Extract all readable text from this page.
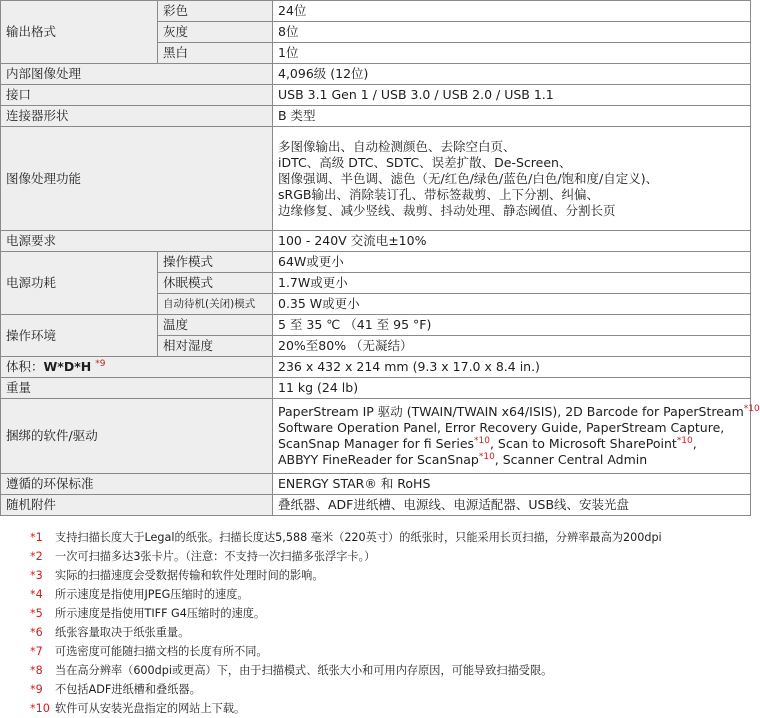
输出格式	彩色	24位
	灰度	8位
	黑白	1位
内部图像处理		4,096级 (12位)
接口		USB 3.1 Gen 1 / USB 3.0 / USB 2.0 / USB 1.1
连接器形状		B 类型
图像处理功能		多图像输出、自动检测颜色、去除空白页、
iDTC、高级 DTC、SDTC、误差扩散、De-Screen、
图像强调、半色调、滤色（无/红色/绿色/蓝色/白色/饱和度/自定义)、
sRGB输出、消除装订孔、带标签裁剪、上下分割、纠偏、
边缘修复、减少竖线、裁剪、抖动处理、静态阈值、分割长页

电源要求		100 - 240V 交流电±10%
电源功耗	操作模式	64W或更小
	休眠模式	1.7W或更小
	自动待机(关闭)模式	0.35 W或更小
操作环境	温度	5 至 35 ℃ （41 至 95 °F)
	相对湿度	20%至80% （无凝结）
体积：W*D*H $^{*9}$		236 x 432 x 214 mm (9.3 x 17.0 x 8.4 in.)
重量		11 kg (24 lb)
捆绑的软件/驱动		PaperStream IP 驱动 (TWAIN/TWAIN x64/ISIS), 2D Barcode for PaperStream$^{*10}$
Software Operation Panel, Error Recovery Guide, PaperStream Capture,
ScanSnap Manager for fi Series$^{*10}$, Scan to Microsoft SharePoint$^{*10}$,
ABBYY FineReader for ScanSnap$^{*10}$, Scanner Central Admin

遵循的环保标准		ENERGY STAR® 和 RoHS
随机附件		叠纸器、ADF进纸槽、电源线、电源适配器、USB线、安装光盘
*1	支持扫描长度大于Legal的纸张。扫描长度达5,588 毫米（220英寸）的纸张时，只能采用长页扫描，分辨率最高为200dpi
*2	一次可扫描多达3张卡片。（注意：不支持一次扫描多张浮字卡。）
*3	实际的扫描速度会受数据传输和软件处理时间的影响。
*4	所示速度是指使用JPEG压缩时的速度。
*5	所示速度是指使用TIFF G4压缩时的速度。
*6	纸张容量取决于纸张重量。
*7	可选密度可能随扫描文档的长度有所不同。
*8	当在高分辨率（600dpi或更高）下，由于扫描模式、纸张大小和可用内存原因，可能导致扫描受限。
*9	不包括ADF进纸槽和叠纸器。
*10 软件可从安装光盘指定的网站上下载。
